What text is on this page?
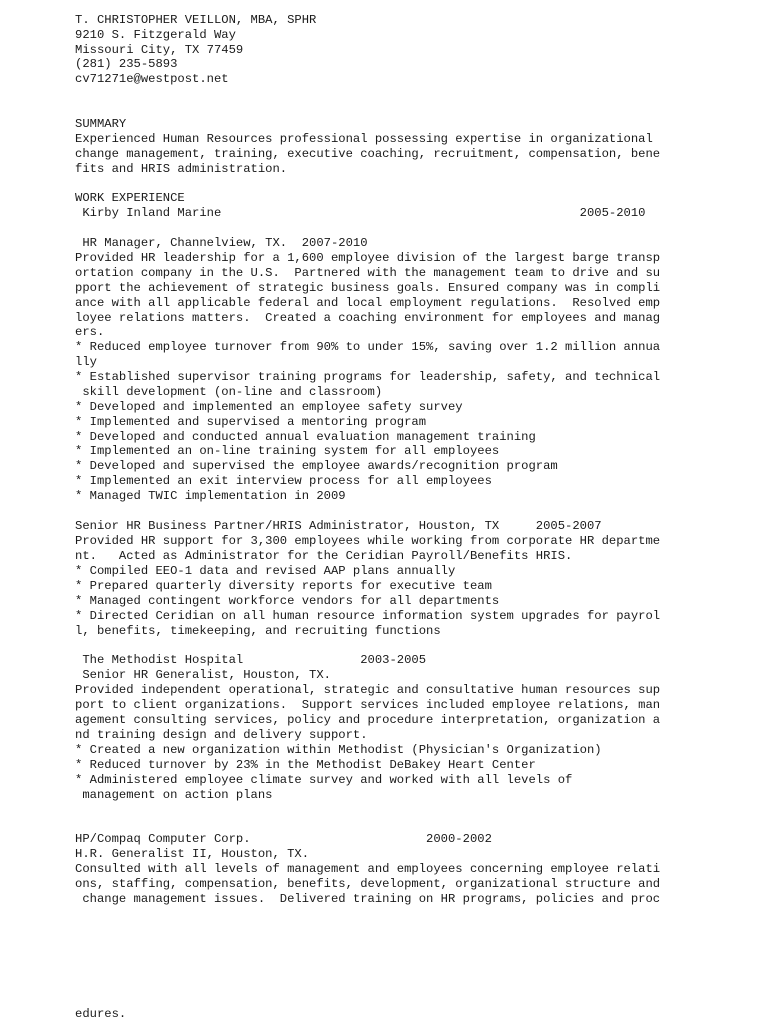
T. CHRISTOPHER VEILLON, MBA, SPHR

9210 S. Fitzgerald Way

Missouri City, TX 77459

(281) 235-5893

cv71271e@westpost.net

SUMMARY

Experienced Human Resources professional possessing expertise in organizational

change management, training, executive coaching, recruitment, compensation, bene

fits and HRIS administration.

WORK EXPERIENCE

Kirby Inland Marine                                                 2005-2010

HR Manager, Channelview, TX.  2007-2010

Provided HR leadership for a 1,600 employee division of the largest barge transp

ortation company in the U.S.  Partnered with the management team to drive and su

pport the achievement of strategic business goals. Ensured company was in compli

ance with all applicable federal and local employment regulations.  Resolved emp

loyee relations matters.  Created a coaching environment for employees and manag

ers.

* Reduced employee turnover from 90% to under 15%, saving over 1.2 million annua

lly

* Established supervisor training programs for leadership, safety, and technical

skill development (on-line and classroom)

* Developed and implemented an employee safety survey

* Implemented and supervised a mentoring program

* Developed and conducted annual evaluation management training

* Implemented an on-line training system for all employees

* Developed and supervised the employee awards/recognition program

* Implemented an exit interview process for all employees

* Managed TWIC implementation in 2009

Senior HR Business Partner/HRIS Administrator, Houston, TX     2005-2007

Provided HR support for 3,300 employees while working from corporate HR departme

nt.   Acted as Administrator for the Ceridian Payroll/Benefits HRIS.

* Compiled EEO-1 data and revised AAP plans annually

* Prepared quarterly diversity reports for executive team

* Managed contingent workforce vendors for all departments

* Directed Ceridian on all human resource information system upgrades for payrol

l, benefits, timekeeping, and recruiting functions

The Methodist Hospital                2003-2005

Senior HR Generalist, Houston, TX.

Provided independent operational, strategic and consultative human resources sup

port to client organizations.  Support services included employee relations, man

agement consulting services, policy and procedure interpretation, organization a

nd training design and delivery support.

* Created a new organization within Methodist (Physician's Organization)

* Reduced turnover by 23% in the Methodist DeBakey Heart Center

* Administered employee climate survey and worked with all levels of

management on action plans

HP/Compaq Computer Corp.                        2000-2002

H.R. Generalist II, Houston, TX.

Consulted with all levels of management and employees concerning employee relati

ons, staffing, compensation, benefits, development, organizational structure and

change management issues.  Delivered training on HR programs, policies and proc

edures.
